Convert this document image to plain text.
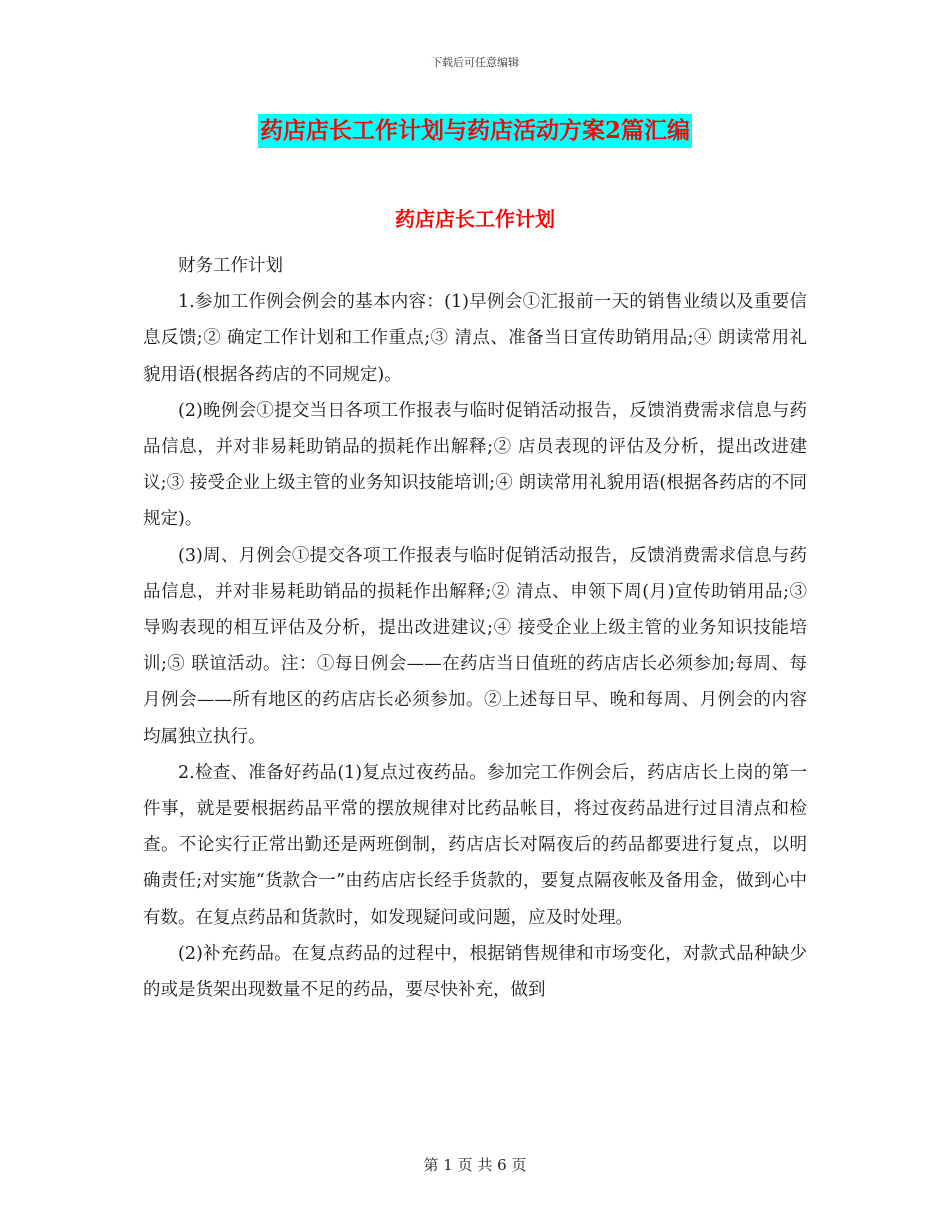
下载后可任意编辑
药店店长工作计划与药店活动方案2篇汇编
药店店长工作计划

财务工作计划

1.参加工作例会例会的基本内容：(1)早例会①汇报前一天的销售业绩以及重要信息反馈;② 确定工作计划和工作重点;③ 清点、准备当日宣传助销用品;④ 朗读常用礼貌用语(根据各药店的不同规定)。

(2)晚例会①提交当日各项工作报表与临时促销活动报告，反馈消费需求信息与药品信息，并对非易耗助销品的损耗作出解释;② 店员表现的评估及分析，提出改进建议;③ 接受企业上级主管的业务知识技能培训;④ 朗读常用礼貌用语(根据各药店的不同规定)。

(3)周、月例会①提交各项工作报表与临时促销活动报告，反馈消费需求信息与药品信息，并对非易耗助销品的损耗作出解释;② 清点、申领下周(月)宣传助销用品;③ 导购表现的相互评估及分析，提出改进建议;④ 接受企业上级主管的业务知识技能培训;⑤ 联谊活动。注：①每日例会——在药店当日值班的药店店长必须参加;每周、每月例会——所有地区的药店店长必须参加。②上述每日早、晚和每周、月例会的内容均属独立执行。

2.检查、准备好药品(1)复点过夜药品。参加完工作例会后，药店店长上岗的第一件事，就是要根据药品平常的摆放规律对比药品帐目，将过夜药品进行过目清点和检查。不论实行正常出勤还是两班倒制，药店店长对隔夜后的药品都要进行复点，以明确责任;对实施“货款合一”由药店店长经手货款的，要复点隔夜帐及备用金，做到心中有数。在复点药品和货款时，如发现疑问或问题，应及时处理。

(2)补充药品。在复点药品的过程中，根据销售规律和市场变化，对款式品种缺少的或是货架出现数量不足的药品，要尽快补充，做到

第 1 页 共 6 页
